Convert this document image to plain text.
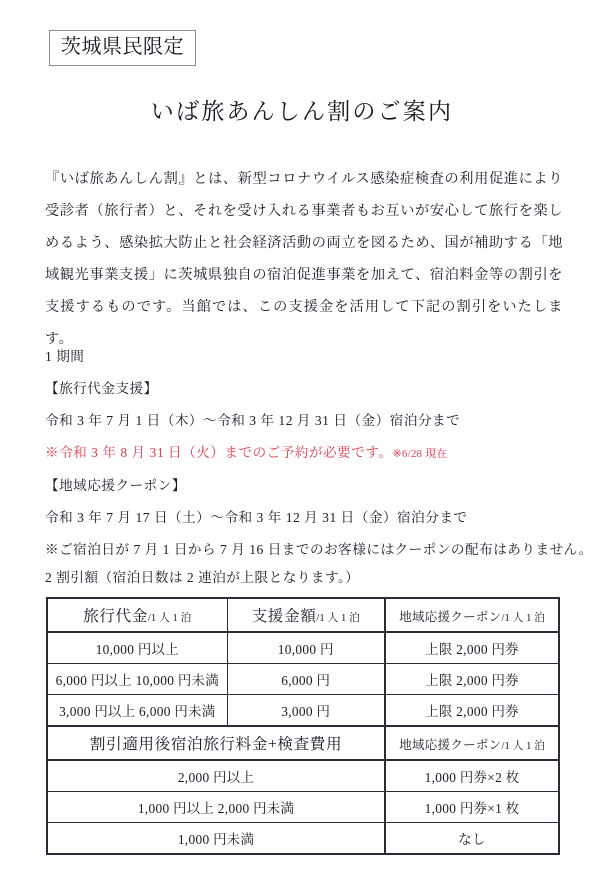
茨城県民限定
いば旅あんしん割のご案内
『いば旅あんしん割』とは、新型コロナウイルス感染症検査の利用促進により受診者（旅行者）と、それを受け入れる事業者もお互いが安心して旅行を楽しめるよう、感染拡大防止と社会経済活動の両立を図るため、国が補助する「地域観光事業支援」に茨城県独自の宿泊促進事業を加えて、宿泊料金等の割引を支援するものです。当館では、この支援金を活用して下記の割引をいたします。
1 期間
【旅行代金支援】
令和 3 年 7 月 1 日（木）～令和 3 年 12 月 31 日（金）宿泊分まで
※令和 3 年 8 月 31 日（火）までのご予約が必要です。※6/28 現在
【地域応援クーポン】
令和 3 年 7 月 17 日（土）～令和 3 年 12 月 31 日（金）宿泊分まで
※ご宿泊日が 7 月 1 日から 7 月 16 日までのお客様にはクーポンの配布はありません。
2 割引額（宿泊日数は 2 連泊が上限となります。）
旅行代金/1 人 1 泊	支援金額/1 人 1 泊	地域応援クーポン/1 人 1 泊
10,000 円以上	10,000 円	上限 2,000 円券
6,000 円以上 10,000 円未満	6,000 円	上限 2,000 円券
3,000 円以上 6,000 円未満	3,000 円	上限 2,000 円券
割引適用後宿泊旅行料金+検査費用		地域応援クーポン/1 人 1 泊
2,000 円以上		1,000 円券×2 枚
1,000 円以上 2,000 円未満		1,000 円券×1 枚
1,000 円未満		なし
